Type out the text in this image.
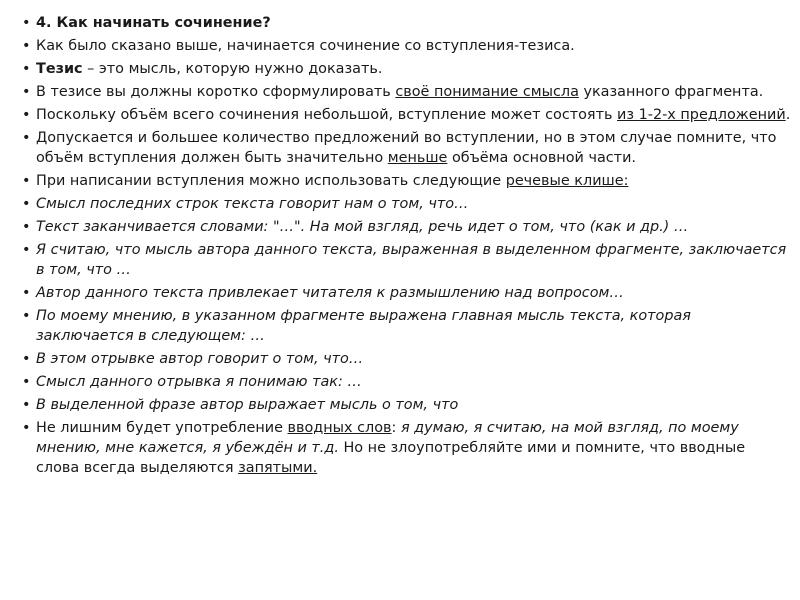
• 4. Как начинать сочинение?
• Как было сказано выше, начинается сочинение со вступления-тезиса.
• Тезис – это мысль, которую нужно доказать.
• В тезисе вы должны коротко сформулировать своё понимание смысла указанного фрагмента.
• Поскольку объём всего сочинения небольшой, вступление может состоять из 1-2-х предложений.
• Допускается и большее количество предложений во вступлении, но в этом случае помните, что объём вступления должен быть значительно меньше объёма основной части.
• При написании вступления можно использовать следующие речевые клише:
• Смысл последних строк текста говорит нам о том, что…
• Текст заканчивается словами: "…". На мой взгляд, речь идет о том, что (как и др.) …
• Я считаю, что мысль автора данного текста, выраженная в выделенном фрагменте, заключается в том, что …
• Автор данного текста привлекает читателя к размышлению над вопросом…
• По моему мнению, в указанном фрагменте выражена главная мысль текста, которая заключается в следующем: …
• В этом отрывке автор говорит о том, что…
• Смысл данного отрывка я понимаю так: …
• В выделенной фразе автор выражает мысль о том, что
• Не лишним будет употребление вводных слов: я думаю, я считаю, на мой взгляд, по моему мнению, мне кажется, я убеждён и т.д. Но не злоупотребляйте ими и помните, что вводные слова всегда выделяются запятыми.
